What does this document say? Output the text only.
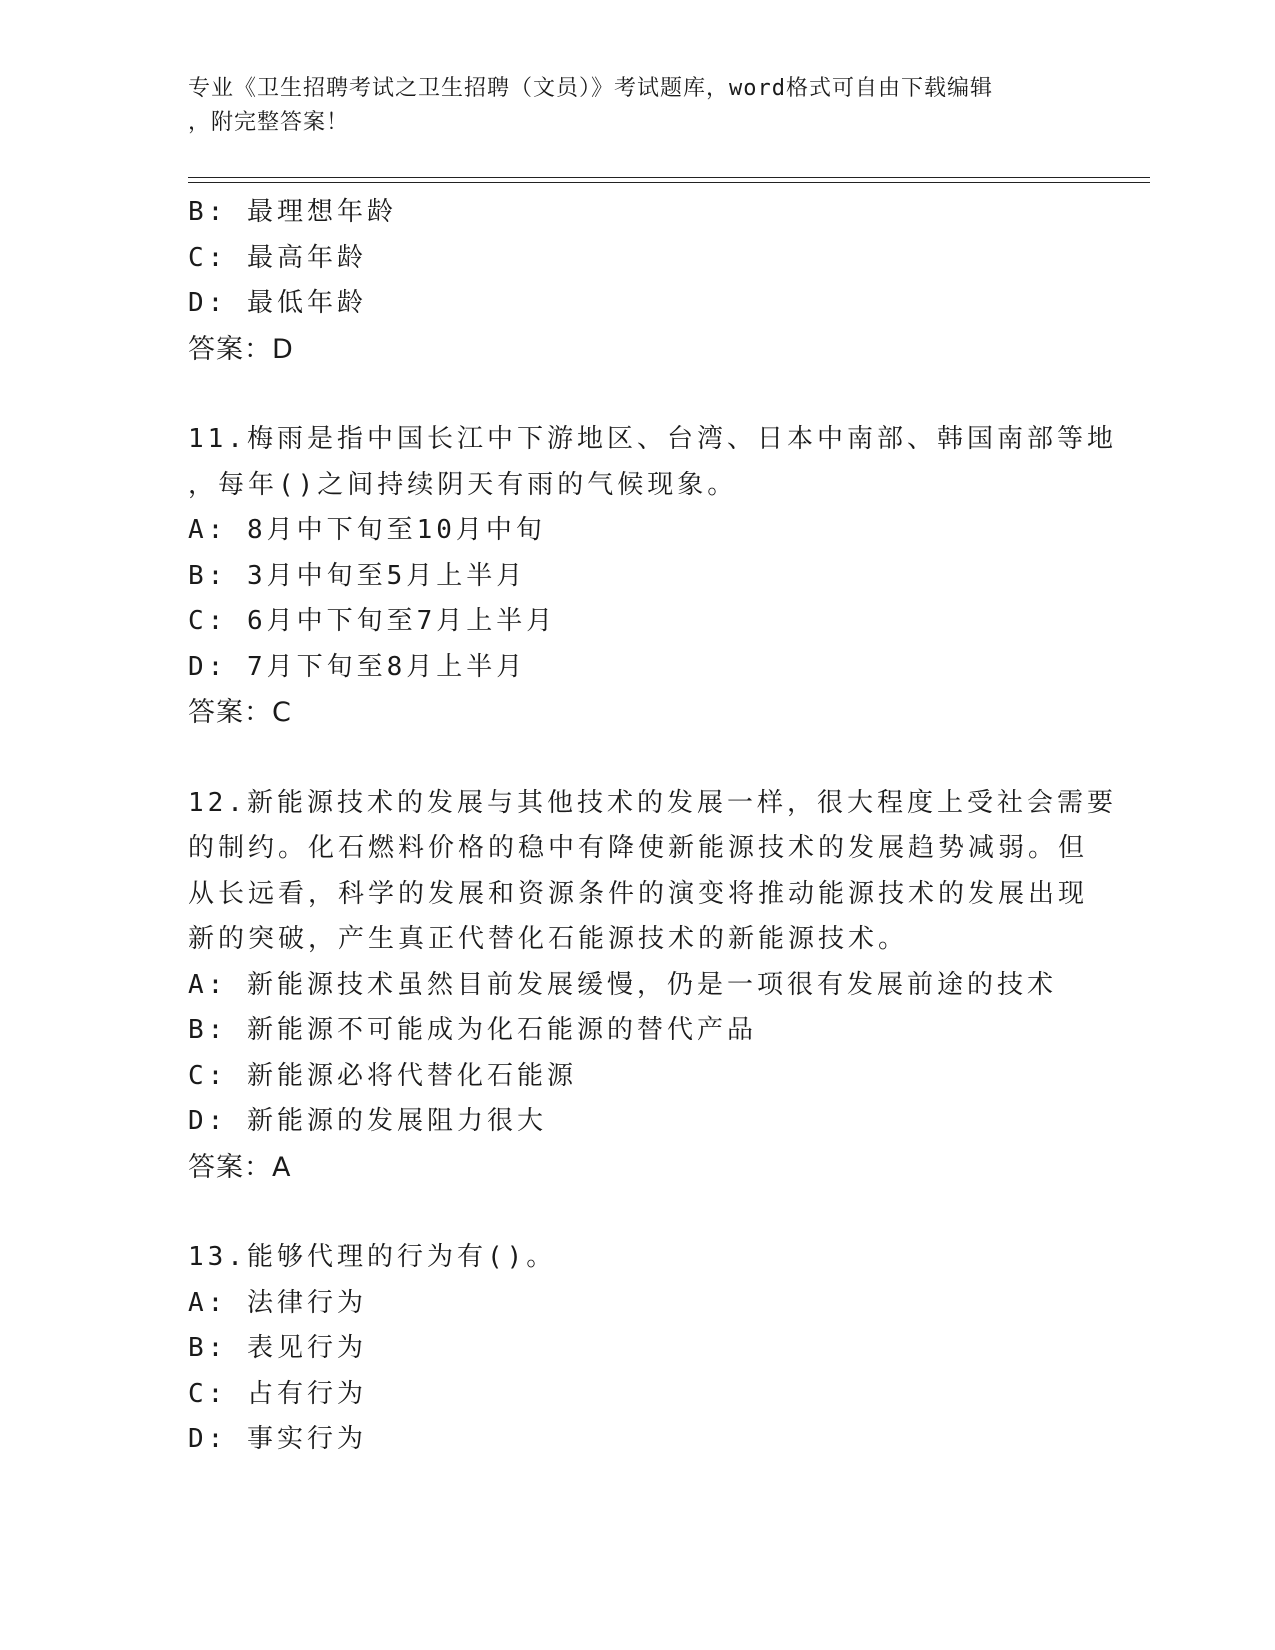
专业《卫生招聘考试之卫生招聘（文员）》考试题库，word格式可自由下载编辑
，附完整答案！
B: 最理想年龄
C: 最高年龄
D: 最低年龄
答案：D
11.梅雨是指中国长江中下游地区、台湾、日本中南部、韩国南部等地
，每年()之间持续阴天有雨的气候现象。
A: 8月中下旬至10月中旬
B: 3月中旬至5月上半月
C: 6月中下旬至7月上半月
D: 7月下旬至8月上半月
答案：C
12.新能源技术的发展与其他技术的发展一样，很大程度上受社会需要
的制约。化石燃料价格的稳中有降使新能源技术的发展趋势减弱。但
从长远看，科学的发展和资源条件的演变将推动能源技术的发展出现
新的突破，产生真正代替化石能源技术的新能源技术。
A: 新能源技术虽然目前发展缓慢，仍是一项很有发展前途的技术
B: 新能源不可能成为化石能源的替代产品
C: 新能源必将代替化石能源
D: 新能源的发展阻力很大
答案：A
13.能够代理的行为有()。
A: 法律行为
B: 表见行为
C: 占有行为
D: 事实行为
